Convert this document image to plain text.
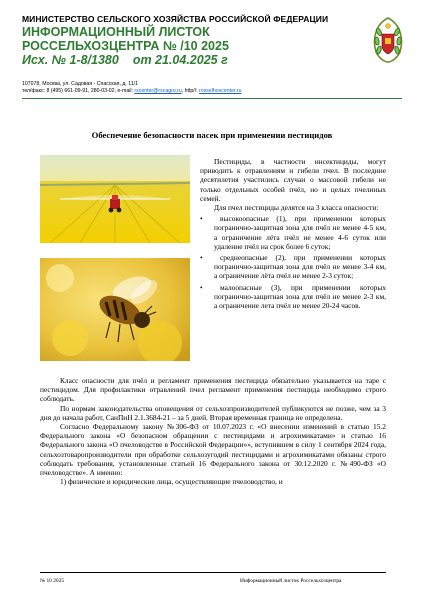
МИНИСТЕРСТВО СЕЛЬСКОГО ХОЗЯЙСТВА РОССИЙСКОЙ ФЕДЕРАЦИИ
ИНФОРМАЦИОННЫЙ ЛИСТОК
РОССЕЛЬХОЗЦЕНТРА № /10 2025
Исх. № 1-8/1380 от 21.04.2025 г
107078, Москва, ул. Садовая - Спасская, д. 11/1
тел/факс: 8 (495) 661-09-91, 280-03-02, e-mail: rscenter@rscagro.ru, http//: rosselhoscenter.ru
Обеспечение безопасности пасек при применении пестицидов

Пестициды, в частности инсектициды, могут приводить к отравлениям и гибели пчел. В последние десятилетия участились случаи о массовой гибели не только отдельных особей пчёл, но и целых пчелиных семей.

Для пчел пестициды делятся на 3 класса опасности:

• высокоопасные (1), при применении которых погранично-защитная зона для пчёл не менее 4-5 км, а ограничение лёта пчёл не менее 4-6 суток или удаление пчёл на срок более 6 суток;
• среднеопасные (2), при применении которых погранично-защитная зона для пчёл не менее 3-4 км, а ограничение лёта пчёл не менее 2-3 суток;
• малоопасные (3), при применении которых погранично-защитная зона для пчёл не менее 2-3 км, а ограничение лета пчёл не менее 20-24 часов.

Класс опасности для пчёл и регламент применения пестицида обязательно указывается на таре с пестицидом. Для профилактики отравлений пчел регламент применения пестицида необходимо строго соблюдать.

По нормам законодательства оповещения от сельхозпроизводителей публикуются не позже, чем за 3 дня до начала работ, СанПиН 2.1.3684-21 – за 5 дней. Вторая временная граница не определена.

Согласно Федеральному закону №306-ФЗ от 10.07.2023 г. «О внесении изменений в статью 15.2 Федерального закона «О безопасном обращении с пестицидами и агрохимикатами» и статью 16 Федерального закона «О пчеловодстве в Российской Федерации»», вступившем в силу 1 сентября 2024 года, сельхозтоваропроизводители при обработке сельхозугодий пестицидами и агрохимикатами обязаны строго соблюдать требования, установленные статьей 16 Федерального закона от 30.12.2020 г. №490-ФЗ «О пчеловодстве». А именно:

1) физические и юридические лица, осуществляющие пчеловодство, и

№ 10 2025	Информационный листок Россельхозцентра
